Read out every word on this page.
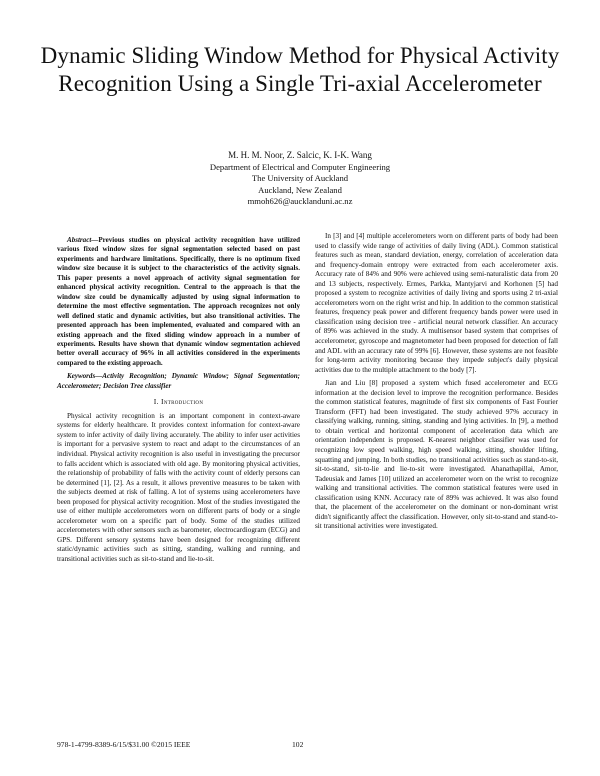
Dynamic Sliding Window Method for Physical Activity Recognition Using a Single Tri-axial Accelerometer
M. H. M. Noor, Z. Salcic, K. I-K. Wang
Department of Electrical and Computer Engineering
The University of Auckland
Auckland, New Zealand
mmoh626@aucklanduni.ac.nz

Abstract—Previous studies on physical activity recognition have utilized various fixed window sizes for signal segmentation selected based on past experiments and hardware limitations. Specifically, there is no optimum fixed window size because it is subject to the characteristics of the activity signals. This paper presents a novel approach of activity signal segmentation for enhanced physical activity recognition. Central to the approach is that the window size could be dynamically adjusted by using signal information to determine the most effective segmentation. The approach recognizes not only well defined static and dynamic activities, but also transitional activities. The presented approach has been implemented, evaluated and compared with an existing approach and the fixed sliding window approach in a number of experiments. Results have shown that dynamic window segmentation achieved better overall accuracy of 96% in all activities considered in the experiments compared to the existing approach.

Keywords—Activity Recognition; Dynamic Window; Signal Segmentation; Accelerometer; Decision Tree classifier

I. Introduction

Physical activity recognition is an important component in context-aware systems for elderly healthcare. It provides context information for context-aware system to infer activity of daily living accurately. The ability to infer user activities is important for a pervasive system to react and adapt to the circumstances of an individual. Physical activity recognition is also useful in investigating the precursor to falls accident which is associated with old age. By monitoring physical activities, the relationship of probability of falls with the activity count of elderly persons can be determined [1], [2]. As a result, it allows preventive measures to be taken with the subjects deemed at risk of falling. A lot of systems using accelerometers have been proposed for physical activity recognition. Most of the studies investigated the use of either multiple accelerometers worn on different parts of body or a single accelerometer worn on a specific part of body. Some of the studies utilized accelerometers with other sensors such as barometer, electrocardiogram (ECG) and GPS. Different sensory systems have been designed for recognizing different static/dynamic activities such as sitting, standing, walking and running, and transitional activities such as sit-to-stand and lie-to-sit.

In [3] and [4] multiple accelerometers worn on different parts of body had been used to classify wide range of activities of daily living (ADL). Common statistical features such as mean, standard deviation, energy, correlation of acceleration data and frequency-domain entropy were extracted from each accelerometer axis. Accuracy rate of 84% and 90% were achieved using semi-naturalistic data from 20 and 13 subjects, respectively. Ermes, Parkka, Mantyjarvi and Korhonen [5] had proposed a system to recognize activities of daily living and sports using 2 tri-axial accelerometers worn on the right wrist and hip. In addition to the common statistical features, frequency peak power and different frequency bands power were used in classification using decision tree - artificial neural network classifier. An accuracy of 89% was achieved in the study. A multisensor based system that comprises of accelerometer, gyroscope and magnetometer had been proposed for detection of fall and ADL with an accuracy rate of 99% [6]. However, these systems are not feasible for long-term activity monitoring because they impede subject's daily physical activities due to the multiple attachment to the body [7].

Jian and Liu [8] proposed a system which fused accelerometer and ECG information at the decision level to improve the recognition performance. Besides the common statistical features, magnitude of first six components of Fast Fourier Transform (FFT) had been investigated. The study achieved 97% accuracy in classifying walking, running, sitting, standing and lying activities. In [9], a method to obtain vertical and horizontal component of acceleration data which are orientation independent is proposed. K-nearest neighbor classifier was used for recognizing low speed walking, high speed walking, sitting, shoulder lifting, squatting and jumping. In both studies, no transitional activities such as stand-to-sit, sit-to-stand, sit-to-lie and lie-to-sit were investigated. Ahanathapillai, Amor, Tadeusiak and James [10] utilized an accelerometer worn on the wrist to recognize walking and transitional activities. The common statistical features were used in classification using KNN. Accuracy rate of 89% was achieved. It was also found that, the placement of the accelerometer on the dominant or non-dominant wrist didn't significantly affect the classification. However, only sit-to-stand and stand-to-sit transitional activities were investigated.

978-1-4799-8389-6/15/$31.00 ©2015 IEEE	102
